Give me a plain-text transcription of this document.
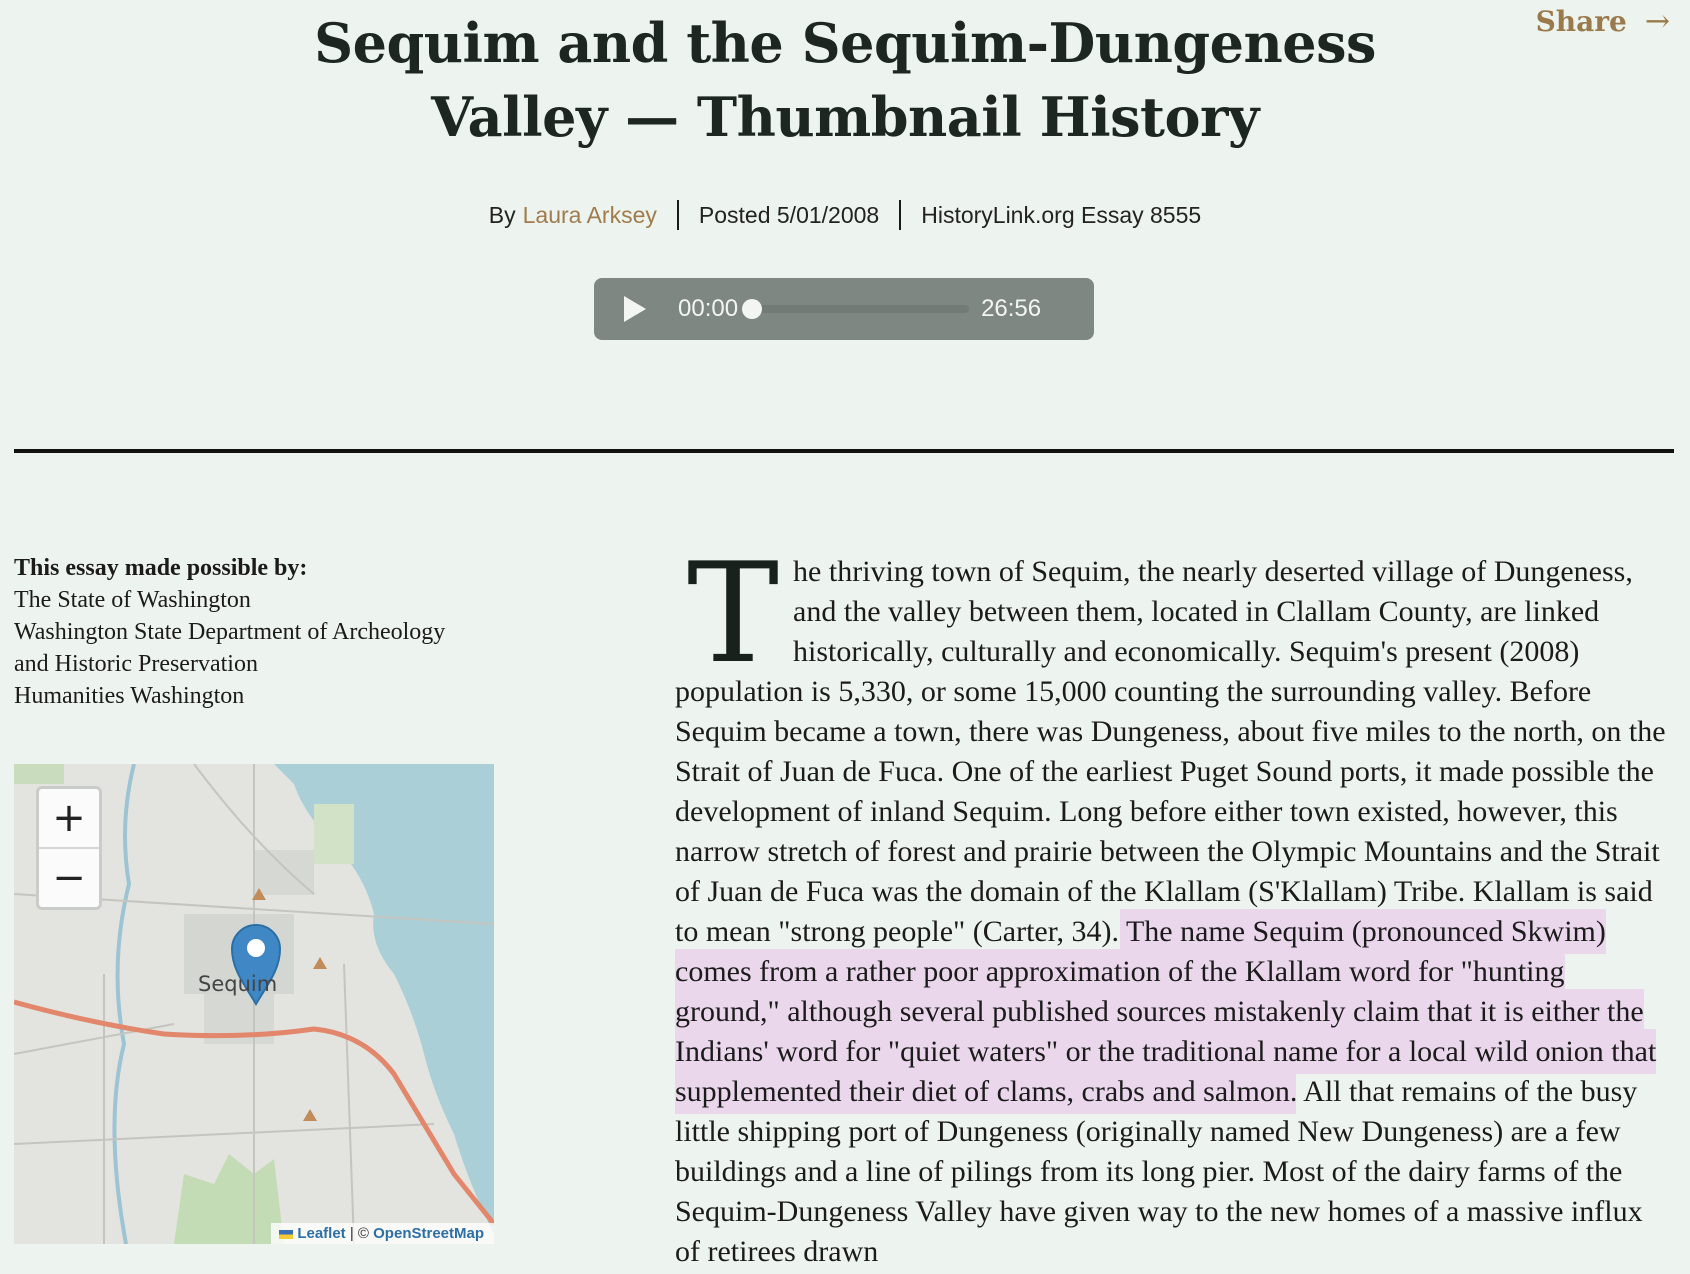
Sequim and the Sequim-Dungeness
Valley — Thumbnail History
Share →
By Laura Arksey Posted 5/01/2008 HistoryLink.org Essay 8555
00:00	26:56
This essay made possible by:
The State of Washington
Washington State Department of Archeology
and Historic Preservation
Humanities Washington
Sequim
+
−
Leaflet | © OpenStreetMap
The thriving town of Sequim, the nearly deserted village of Dungeness, and the valley between them, located in Clallam County, are linked historically, culturally and economically. Sequim's present (2008) population is 5,330, or some 15,000 counting the surrounding valley. Before Sequim became a town, there was Dungeness, about five miles to the north, on the Strait of Juan de Fuca. One of the earliest Puget Sound ports, it made possible the development of inland Sequim. Long before either town existed, however, this narrow stretch of forest and prairie between the Olympic Mountains and the Strait of Juan de Fuca was the domain of the Klallam (S'Klallam) Tribe. Klallam is said to mean "strong people" (Carter, 34). The name Sequim (pronounced Skwim) comes from a rather poor approximation of the Klallam word for "hunting ground," although several published sources mistakenly claim that it is either the Indians' word for "quiet waters" or the traditional name for a local wild onion that supplemented their diet of clams, crabs and salmon. All that remains of the busy little shipping port of Dungeness (originally named New Dungeness) are a few buildings and a line of pilings from its long pier. Most of the dairy farms of the Sequim-Dungeness Valley have given way to the new homes of a massive influx of retirees drawn
